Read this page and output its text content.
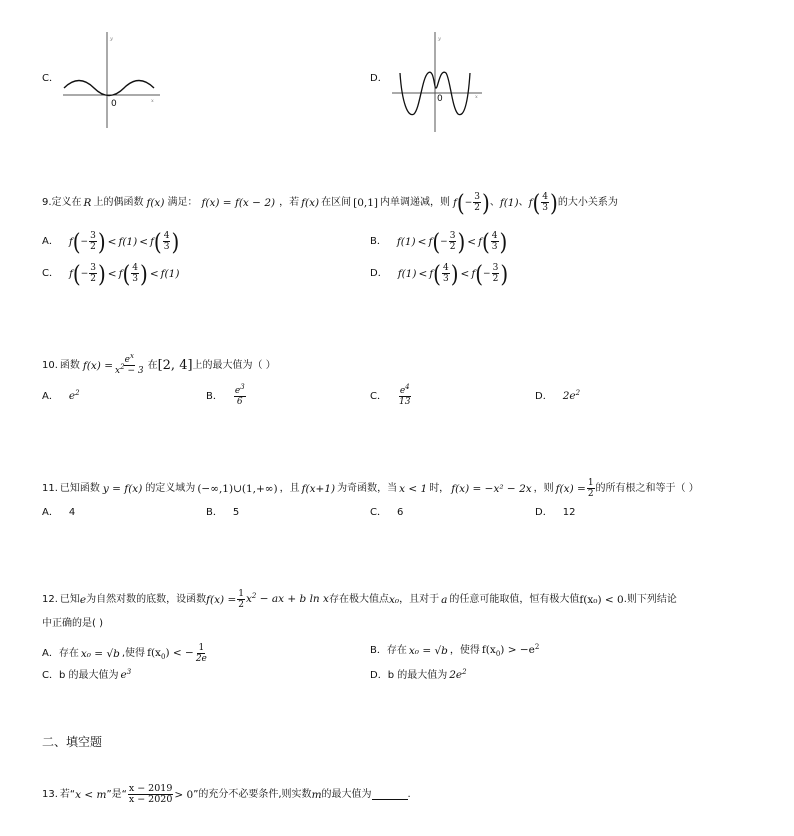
C．
0
y
x
D．
0
y
x
9. 定义在 R 上的偶函数 f(x) 满足： f(x) = f(x − 2) ，若 f(x) 在区间 [0,1] 内单调递减，则 f ( − $\frac{3}{2}$ ) 、 f(1) 、 f ( $\frac{4}{3}$ ) 的大小关系为
A． f ( − $\frac{3}{2}$ ) < f(1) < f ( $\frac{4}{3}$ )	B． f(1) < f ( − $\frac{3}{2}$ ) < f ( $\frac{4}{3}$ )
C． f ( − $\frac{3}{2}$ ) < f ( $\frac{4}{3}$ ) < f(1)	D． f(1) < f ( $\frac{4}{3}$ ) < f ( − $\frac{3}{2}$ )
10. 函数 $f(x) = \frac{e^x}{x^2 - 3}$ 在 [2, 4] 上的最大值为（ ）
A． $e^2$	B． $\frac{e^3}{6}$	C． $\frac{e^4}{13}$	D． $2e^2$
11. 已知函数 y = f(x) 的定义域为 (−∞,1)∪(1,+∞) ，且 f(x+1) 为奇函数，当 x < 1 时， f(x) = −x² − 2x ，则 $f(x) = \frac{1}{2}$ 的所有根之和等于（ ）
A． 4	B． 5	C． 6	D． 12
12. 已知 e 为自然对数的底数，设函数 $f(x) = \frac{1}{2} x^2$ − ax + b ln x 存在极大值点 x₀ ，且对于 a 的任意可能取值，恒有极大值 f(x₀) < 0 .则下列结论
中正确的是( )
A．存在 x₀ = √b ,使得 $f(x_0)$ < − $\frac{1}{2e}$	B．存在 x₀ = √b ，使得 $f(x_0) > -e^2$
C．b 的最大值为 $e^3$	D．b 的最大值为 $2e^2$
二、填空题
13. 若“ x < m ”是“ $\frac{x - 2019}{x - 2020} > 0$ ”的充分不必要条件,则实数 m 的最大值为	.
